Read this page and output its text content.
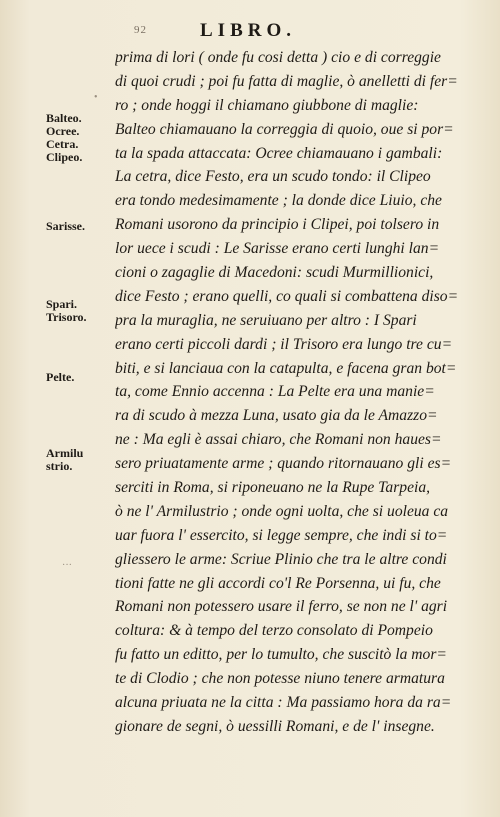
92	LIBRO.
prima di lori ( onde fu cosi detta ) cio e di correggie
di quoi crudi ; poi fu fatta di maglie, ò anelletti di fer=
ro ; onde hoggi il chiamano giubbone di maglie:
Balteo chiamauano la correggia di quoio, oue si por=
ta la spada attaccata: Ocree chiamauano i gambali:
La cetra, dice Festo, era un scudo tondo: il Clipeo
era tondo medesimamente ; la donde dice Liuio, che
Romani usorono da principio i Clipei, poi tolsero in
lor uece i scudi : Le Sarisse erano certi lunghi lan=
cioni o zagaglie di Macedoni: scudi Murmillionici,
dice Festo ; erano quelli, co quali si combattena diso=
pra la muraglia, ne seruiuano per altro : I Spari
erano certi piccoli dardi ; il Trisoro era lungo tre cu=
biti, e si lanciaua con la catapulta, e facena gran bot=
ta, come Ennio accenna : La Pelte era una manie=
ra di scudo à mezza Luna, usato gia da le Amazzo=
ne : Ma egli è assai chiaro, che Romani non haues=
sero priuatamente arme ; quando ritornauano gli es=
serciti in Roma, si riponeuano ne la Rupe Tarpeia,
ò ne l' Armilustrio ; onde ogni uolta, che si uoleua ca
uar fuora l' essercito, si legge sempre, che indi si to=
gliessero le arme: Scriue Plinio che tra le altre condi
tioni fatte ne gli accordi co'l Re Porsenna, ui fu, che
Romani non potessero usare il ferro, se non ne l' agri
coltura: & à tempo del terzo consolato di Pompeio
fu fatto un editto, per lo tumulto, che suscitò la mor=
te di Clodio ; che non potesse niuno tenere armatura
alcuna priuata ne la citta : Ma passiamo hora da ra=
gionare de segni, ò uessilli Romani, e de l' insegne.
Balteo.
Ocree.
Cetra.
Clipeo.
Sarisse.
Spari.
Trisoro.
Pelte.
Armilu
strio.
•
···
